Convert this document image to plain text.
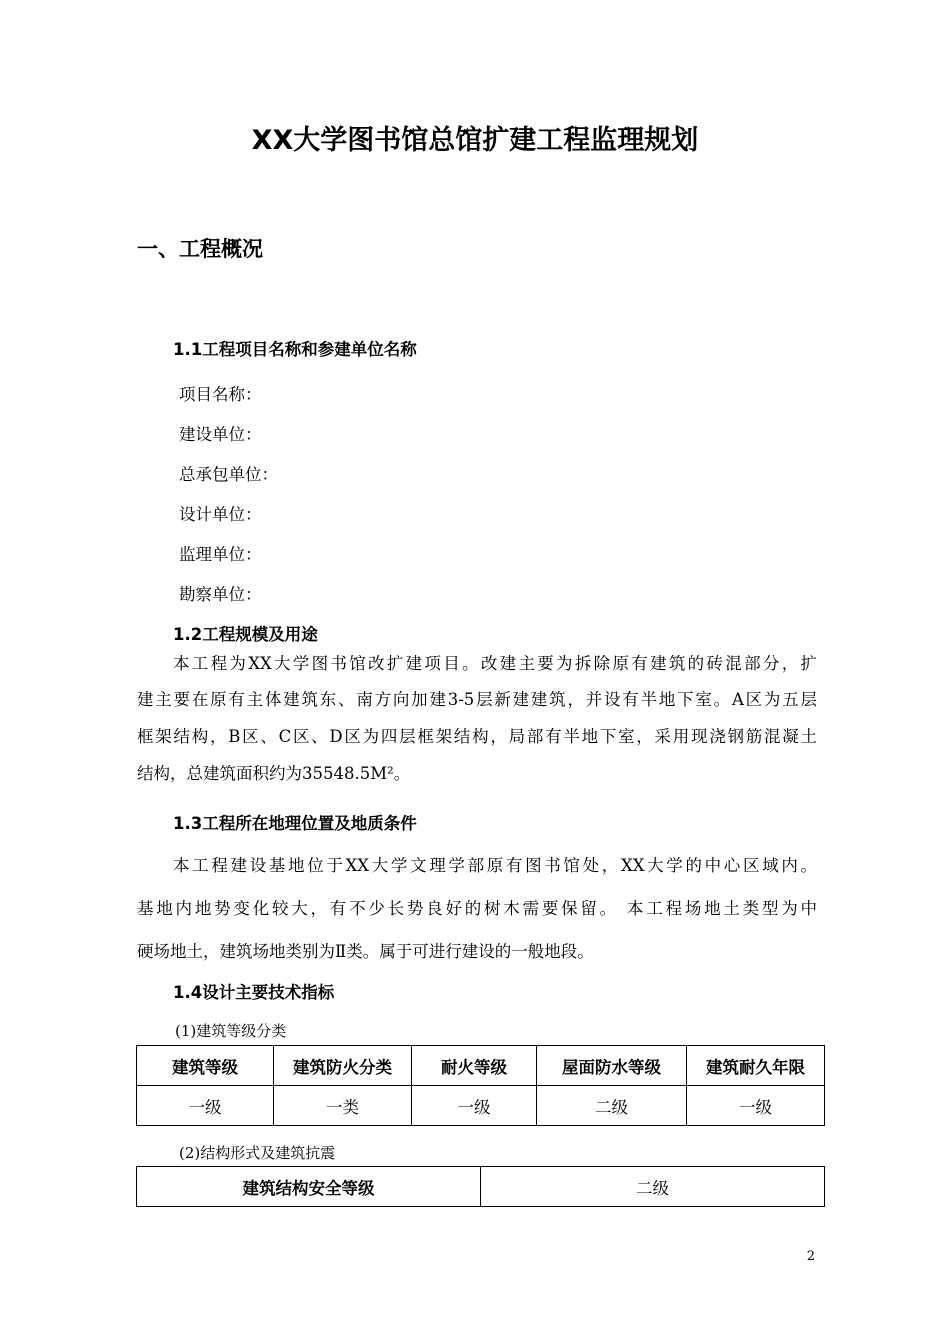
XX大学图书馆总馆扩建工程监理规划
一、工程概况
1.1工程项目名称和参建单位名称
项目名称：
建设单位：
总承包单位：
设计单位：
监理单位：
勘察单位：
1.2工程规模及用途
本工程为XX大学图书馆改扩建项目。改建主要为拆除原有建筑的砖混部分，扩
建主要在原有主体建筑东、南方向加建3-5层新建建筑，并设有半地下室。A区为五层
框架结构，B区、C区、D区为四层框架结构，局部有半地下室，采用现浇钢筋混凝土
结构，总建筑面积约为35548.5M²。
1.3工程所在地理位置及地质条件
本工程建设基地位于XX大学文理学部原有图书馆处，XX大学的中心区域内。
基地内地势变化较大，有不少长势良好的树木需要保留。 本工程场地土类型为中
硬场地土，建筑场地类别为Ⅱ类。属于可进行建设的一般地段。
1.4设计主要技术指标
(1)建筑等级分类
建筑等级	建筑防火分类	耐火等级	屋面防水等级	建筑耐久年限
一级	一类	一级	二级	一级
(2)结构形式及建筑抗震
建筑结构安全等级	二级
2
